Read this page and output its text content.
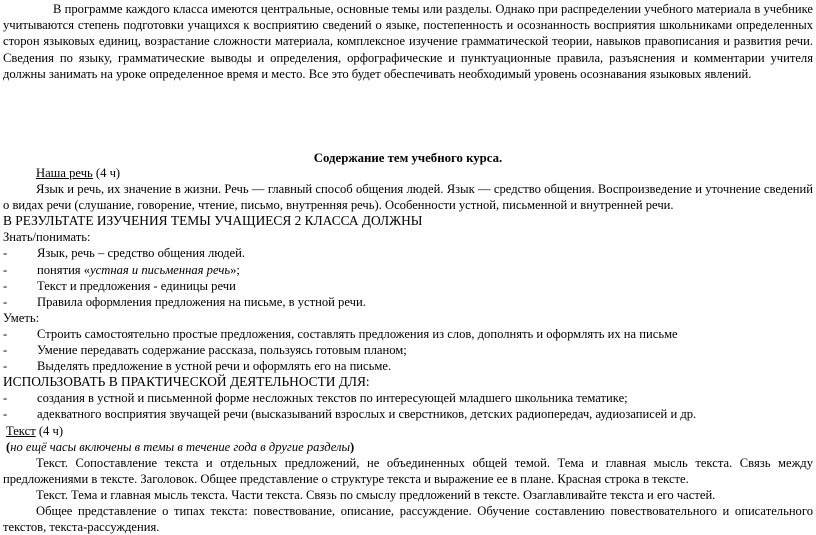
В программе каждого класса имеются центральные, основные темы или разделы. Однако при распределении учебного материала в учебнике учитываются степень подготовки учащихся к восприятию сведений о языке, постепенность и осознанность восприятия школьниками определенных сторон языковых единиц, возрастание сложности материала, комплексное изучение грамматической теории, навыков правописания и развития речи. Сведения по языку, грамматические выводы и определения, орфографические и пунктуационные правила, разъяснения и комментарии учителя должны занимать на уроке определенное время и место. Все это будет обеспечивать необходимый уровень осознавания языковых явлений.

Содержание тем учебного курса.

Наша речь (4 ч)

Язык и речь, их значение в жизни. Речь — главный способ общения людей. Язык — средство общения. Воспроизведение и уточнение сведений о видах речи (слушание, говорение, чтение, письмо, внутренняя речь). Особенности устной, письменной и внутренней речи.

В РЕЗУЛЬТАТЕ ИЗУЧЕНИЯ ТЕМЫ УЧАЩИЕСЯ 2 КЛАССА ДОЛЖНЫ

Знать/понимать:

-	Язык, речь – средство общения людей.
-	понятия «устная и письменная речь»;
-	Текст и предложения - единицы речи
-	Правила оформления предложения на письме, в устной речи.

Уметь:

-	Строить самостоятельно простые предложения, составлять предложения из слов, дополнять и оформлять их на письме
-	Умение передавать содержание рассказа, пользуясь готовым планом;
-	Выделять предложение в устной речи и оформлять его на письме.

ИСПОЛЬЗОВАТЬ В ПРАКТИЧЕСКОЙ ДЕЯТЕЛЬНОСТИ ДЛЯ:

-	создания в устной и письменной форме несложных текстов по интересующей младшего школьника тематике;
-	адекватного восприятия звучащей речи (высказываний взрослых и сверстников, детских радиопередач, аудиозаписей и др.

Текст (4 ч)

(но ещё часы включены в темы в течение года в другие разделы)

Текст. Сопоставление текста и отдельных предложений, не объединенных общей темой. Тема и главная мысль текста. Связь между предложениями в тексте. Заголовок. Общее представление о структуре текста и выражение ее в плане. Красная строка в тексте.

Текст. Тема и главная мысль текста. Части текста. Связь по смыслу предложений в тексте. Озаглавливайте текста и его частей.

Общее представление о типах текста: повествование, описание, рассуждение. Обучение составлению повествовательного и описательного текстов, текста-рассуждения.
